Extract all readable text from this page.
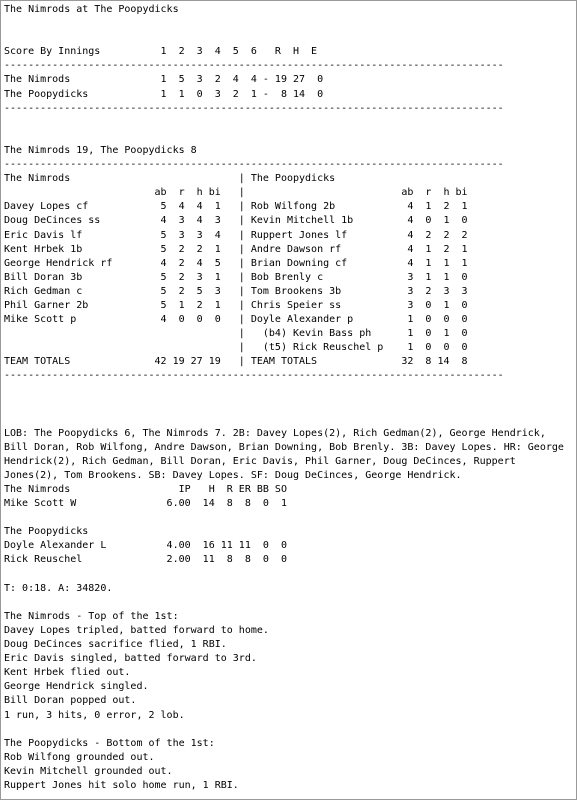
The Nimrods at The Poopydicks

Score By Innings          1  2  3  4  5  6   R  H  E
-----------------------------------------------------------------------------------
The Nimrods               1  5  3  2  4  4 - 19 27  0
The Poopydicks            1  1  0  3  2  1 -  8 14  0
-----------------------------------------------------------------------------------

The Nimrods 19, The Poopydicks 8
-----------------------------------------------------------------------------------
The Nimrods                            | The Poopydicks
ab  r  h bi   |                          ab  r  h bi
Davey Lopes cf            5  4  4  1   | Rob Wilfong 2b            4  1  2  1
Doug DeCinces ss          4  3  4  3   | Kevin Mitchell 1b         4  0  1  0
Eric Davis lf             5  3  3  4   | Ruppert Jones lf          4  2  2  2
Kent Hrbek 1b             5  2  2  1   | Andre Dawson rf           4  1  2  1
George Hendrick rf        4  2  4  5   | Brian Downing cf          4  1  1  1
Bill Doran 3b             5  2  3  1   | Bob Brenly c              3  1  1  0
Rich Gedman c             5  2  5  3   | Tom Brookens 3b           3  2  3  3
Phil Garner 2b            5  1  2  1   | Chris Speier ss           3  0  1  0
Mike Scott p              4  0  0  0   | Doyle Alexander p         1  0  0  0
|   (b4) Kevin Bass ph      1  0  1  0
|   (t5) Rick Reuschel p    1  0  0  0
TEAM TOTALS              42 19 27 19   | TEAM TOTALS              32  8 14  8
-----------------------------------------------------------------------------------
LOB: The Poopydicks 6, The Nimrods 7. 2B: Davey Lopes(2), Rich Gedman(2), George Hendrick, Bill Doran, Rob Wilfong, Andre Dawson, Brian Downing, Bob Brenly. 3B: Davey Lopes. HR: George Hendrick(2), Rich Gedman, Bill Doran, Eric Davis, Phil Garner, Doug DeCinces, Ruppert Jones(2), Tom Brookens. SB: Davey Lopes. SF: Doug DeCinces, George Hendrick.
The Nimrods                  IP   H  R ER BB SO
Mike Scott W               6.00  14  8  8  0  1

The Poopydicks
Doyle Alexander L          4.00  16 11 11  0  0
Rick Reuschel              2.00  11  8  8  0  0

T: 0:18. A: 34820.

The Nimrods - Top of the 1st:
Davey Lopes tripled, batted forward to home.
Doug DeCinces sacrifice flied, 1 RBI.
Eric Davis singled, batted forward to 3rd.
Kent Hrbek flied out.
George Hendrick singled.
Bill Doran popped out.
1 run, 3 hits, 0 error, 2 lob.

The Poopydicks - Bottom of the 1st:
Rob Wilfong grounded out.
Kevin Mitchell grounded out.
Ruppert Jones hit solo home run, 1 RBI.
